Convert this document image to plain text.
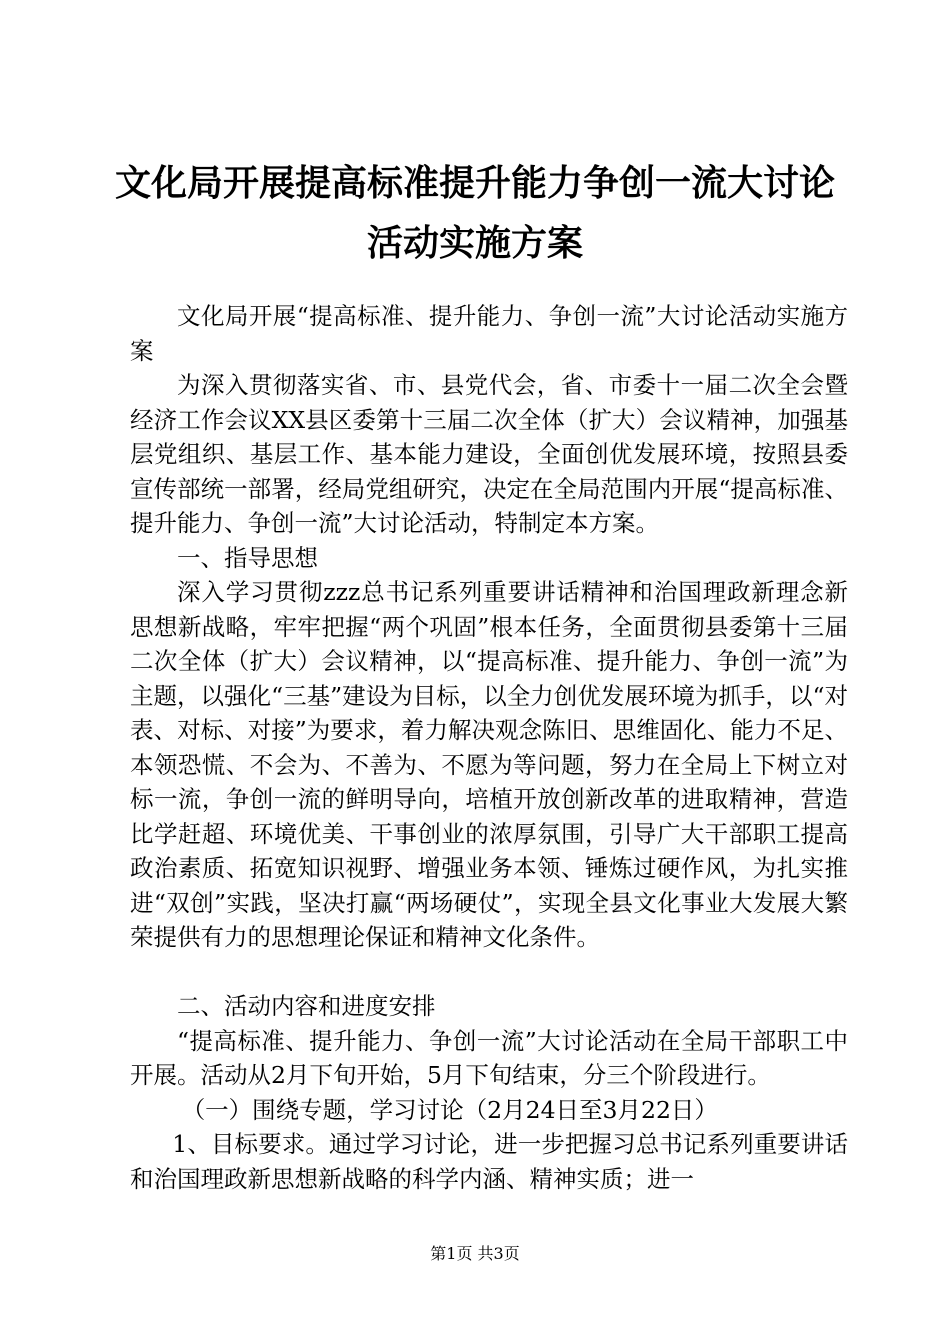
文化局开展提高标准提升能力争创一流大讨论
活动实施方案

文化局开展“提高标准、提升能力、争创一流”大讨论活动实施方案

为深入贯彻落实省、市、县党代会，省、市委十一届二次全会暨经济工作会议XX县区委第十三届二次全体（扩大）会议精神，加强基层党组织、基层工作、基本能力建设，全面创优发展环境，按照县委宣传部统一部署，经局党组研究，决定在全局范围内开展“提高标准、提升能力、争创一流”大讨论活动，特制定本方案。

一、指导思想

深入学习贯彻zzz总书记系列重要讲话精神和治国理政新理念新思想新战略，牢牢把握“两个巩固”根本任务，全面贯彻县委第十三届二次全体（扩大）会议精神，以“提高标准、提升能力、争创一流”为主题，以强化“三基”建设为目标，以全力创优发展环境为抓手，以“对表、对标、对接”为要求，着力解决观念陈旧、思维固化、能力不足、本领恐慌、不会为、不善为、不愿为等问题，努力在全局上下树立对标一流，争创一流的鲜明导向，培植开放创新改革的进取精神，营造比学赶超、环境优美、干事创业的浓厚氛围，引导广大干部职工提高政治素质、拓宽知识视野、增强业务本领、锤炼过硬作风，为扎实推进“双创”实践，坚决打赢“两场硬仗”，实现全县文化事业大发展大繁荣提供有力的思想理论保证和精神文化条件。

二、活动内容和进度安排

“提高标准、提升能力、争创一流”大讨论活动在全局干部职工中开展。活动从2月下旬开始，5月下旬结束，分三个阶段进行。

（一）围绕专题，学习讨论（2月24日至3月22日）

1、目标要求。通过学习讨论，进一步把握习总书记系列重要讲话和治国理政新思想新战略的科学内涵、精神实质；进一

第1页 共3页
